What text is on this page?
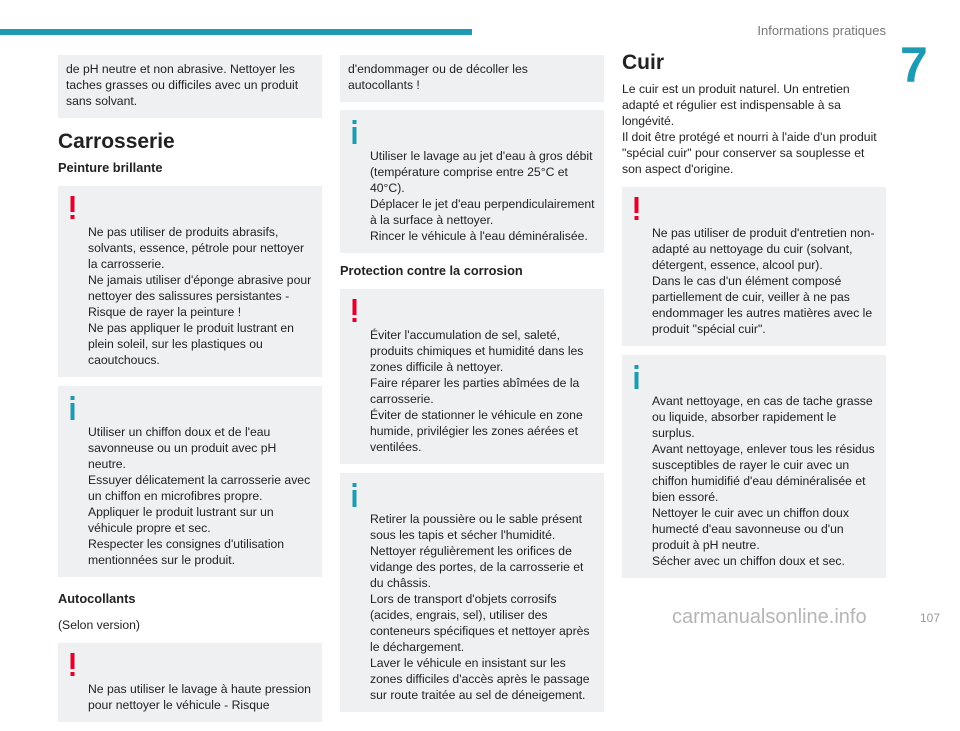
Informations pratiques
7
de pH neutre et non abrasive. Nettoyer les taches grasses ou difficiles avec un produit sans solvant.
Carrosserie
Peinture brillante

Ne pas utiliser de produits abrasifs, solvants, essence, pétrole pour nettoyer la carrosserie.
Ne jamais utiliser d'éponge abrasive pour nettoyer des salissures persistantes - Risque de rayer la peinture !
Ne pas appliquer le produit lustrant en plein soleil, sur les plastiques ou caoutchoucs.

Utiliser un chiffon doux et de l'eau savonneuse ou un produit avec pH neutre.
Essuyer délicatement la carrosserie avec un chiffon en microfibres propre.
Appliquer le produit lustrant sur un véhicule propre et sec.
Respecter les consignes d'utilisation mentionnées sur le produit.

Autocollants
(Selon version)

Ne pas utiliser le lavage à haute pression pour nettoyer le véhicule - Risque

d'endommager ou de décoller les autocollants !

Utiliser le lavage au jet d'eau à gros débit (température comprise entre 25°C et 40°C).
Déplacer le jet d'eau perpendiculairement à la surface à nettoyer.
Rincer le véhicule à l'eau déminéralisée.

Protection contre la corrosion

Éviter l'accumulation de sel, saleté, produits chimiques et humidité dans les zones difficile à nettoyer.
Faire réparer les parties abîmées de la carrosserie.
Éviter de stationner le véhicule en zone humide, privilégier les zones aérées et ventilées.

Retirer la poussière ou le sable présent sous les tapis et sécher l'humidité.
Nettoyer régulièrement les orifices de vidange des portes, de la carrosserie et du châssis.
Lors de transport d'objets corrosifs (acides, engrais, sel), utiliser des conteneurs spécifiques et nettoyer après le déchargement.
Laver le véhicule en insistant sur les zones difficiles d'accès après le passage sur route traitée au sel de déneigement.

Cuir
Le cuir est un produit naturel. Un entretien adapté et régulier est indispensable à sa longévité.
Il doit être protégé et nourri à l'aide d'un produit "spécial cuir" pour conserver sa souplesse et son aspect d'origine.

Ne pas utiliser de produit d'entretien non-adapté au nettoyage du cuir (solvant, détergent, essence, alcool pur).
Dans le cas d'un élément composé partiellement de cuir, veiller à ne pas endommager les autres matières avec le produit "spécial cuir".

Avant nettoyage, en cas de tache grasse ou liquide, absorber rapidement le surplus.
Avant nettoyage, enlever tous les résidus susceptibles de rayer le cuir avec un chiffon humidifié d'eau déminéralisée et bien essoré.
Nettoyer le cuir avec un chiffon doux humecté d'eau savonneuse ou d'un produit à pH neutre.
Sécher avec un chiffon doux et sec.

carmanualsonline.info	107
